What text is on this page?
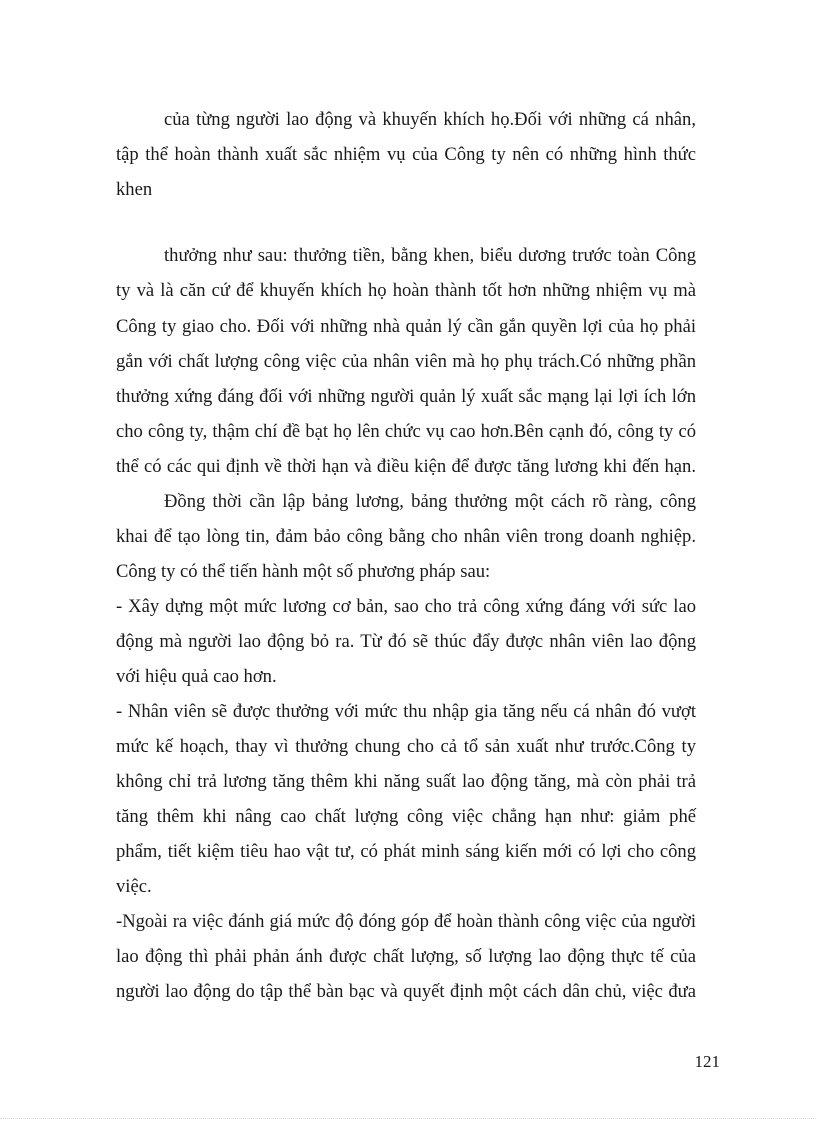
của từng người lao động và khuyến khích họ.Đối với những cá nhân,
tập thể hoàn thành xuất sắc nhiệm vụ của Công ty nên có những hình thức
khen
thưởng như sau: thưởng tiền, bằng khen, biểu dương trước toàn Công
ty và là căn cứ để khuyến khích họ hoàn thành tốt hơn những nhiệm vụ mà
Công ty giao cho. Đối với những nhà quản lý cần gắn quyền lợi của họ phải
gắn với chất lượng công việc của nhân viên mà họ phụ trách.Có những phần
thưởng xứng đáng đối với những người quản lý xuất sắc mạng lại lợi ích lớn
cho công ty, thậm chí đề bạt họ lên chức vụ cao hơn.Bên cạnh đó, công ty có
thể có các qui định về thời hạn và điều kiện để được tăng lương khi đến hạn.
Đồng thời cần lập bảng lương, bảng thưởng một cách rõ ràng, công
khai để tạo lòng tin, đảm bảo công bằng cho nhân viên trong doanh nghiệp.
Công ty có thể tiến hành một số phương pháp sau:
- Xây dựng một mức lương cơ bản, sao cho trả công xứng đáng với sức lao
động mà người lao động bỏ ra. Từ đó sẽ thúc đẩy được nhân viên lao động
với hiệu quả cao hơn.
- Nhân viên sẽ được thưởng với mức thu nhập gia tăng nếu cá nhân đó vượt
mức kế hoạch, thay vì thưởng chung cho cả tổ sản xuất như trước.Công ty
không chỉ trả lương tăng thêm khi năng suất lao động tăng, mà còn phải trả
tăng thêm khi nâng cao chất lượng công việc chẳng hạn như: giảm phế
phẩm, tiết kiệm tiêu hao vật tư, có phát minh sáng kiến mới có lợi cho công
việc.
-Ngoài ra việc đánh giá mức độ đóng góp để hoàn thành công việc của người
lao động thì phải phản ánh được chất lượng, số lượng lao động thực tế của
người lao động do tập thể bàn bạc và quyết định một cách dân chủ, việc đưa
121
